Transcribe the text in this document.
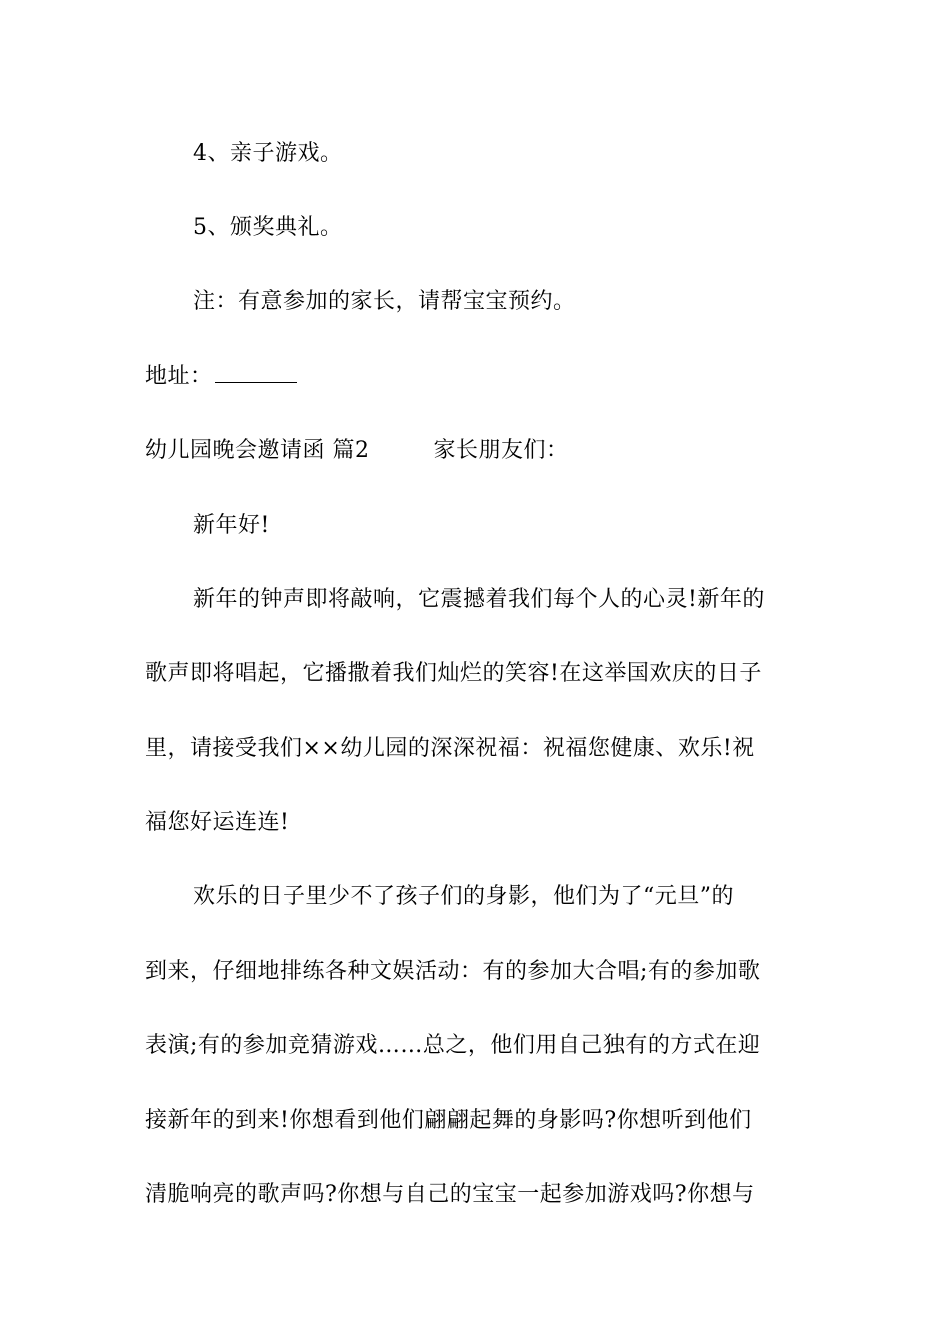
4、亲子游戏。
5、颁奖典礼。
注：有意参加的家长，请帮宝宝预约。
地址：
幼儿园晚会邀请函 篇2	家长朋友们：
新年好!
新年的钟声即将敲响，它震撼着我们每个人的心灵!新年的
歌声即将唱起，它播撒着我们灿烂的笑容!在这举国欢庆的日子
里，请接受我们××幼儿园的深深祝福：祝福您健康、欢乐!祝
福您好运连连!
欢乐的日子里少不了孩子们的身影，他们为了“元旦”的
到来，仔细地排练各种文娱活动：有的参加大合唱;有的参加歌
表演;有的参加竞猜游戏……总之，他们用自己独有的方式在迎
接新年的到来!你想看到他们翩翩起舞的身影吗?你想听到他们
清脆响亮的歌声吗?你想与自己的宝宝一起参加游戏吗?你想与
